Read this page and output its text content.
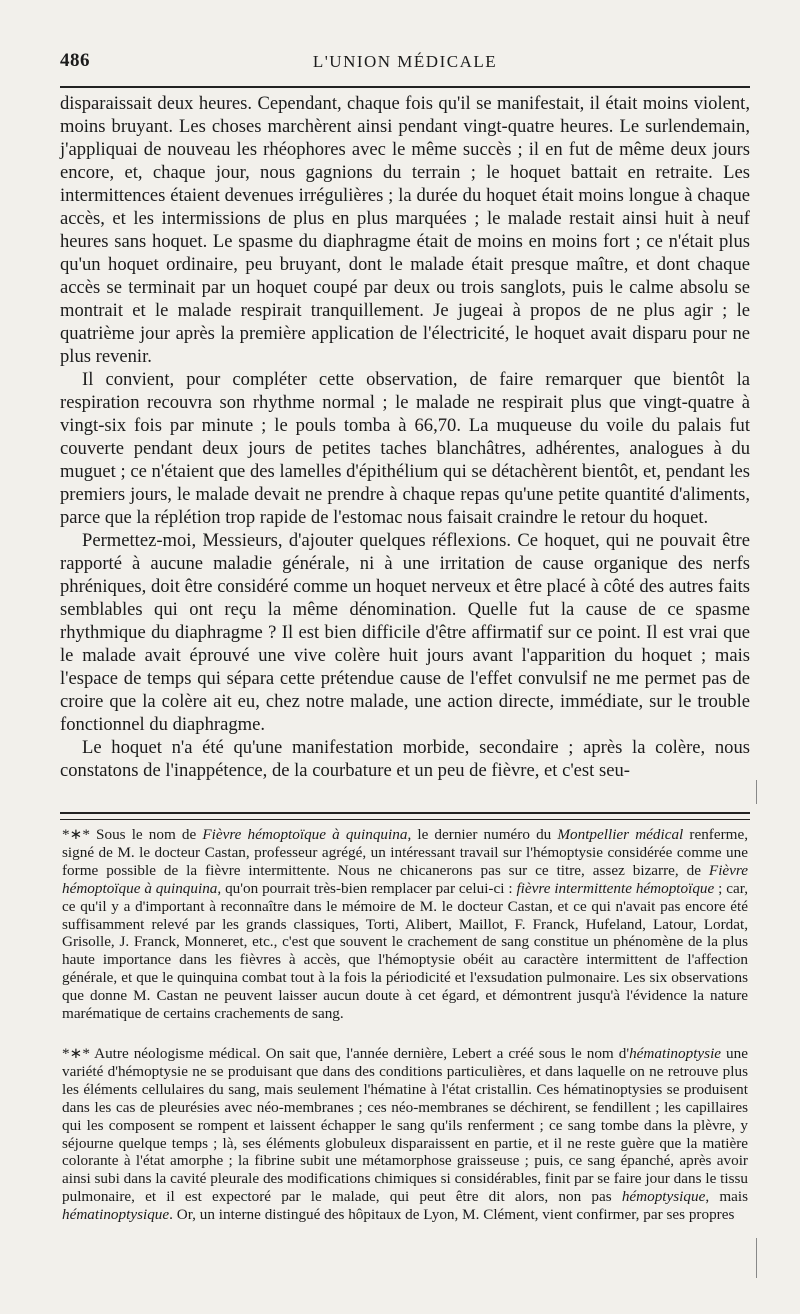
486	L'UNION MÉDICALE

disparaissait deux heures. Cependant, chaque fois qu'il se manifestait, il était moins violent, moins bruyant. Les choses marchèrent ainsi pendant vingt-quatre heures. Le surlendemain, j'appliquai de nouveau les rhéophores avec le même succès ; il en fut de même deux jours encore, et, chaque jour, nous gagnions du terrain ; le hoquet battait en retraite. Les intermittences étaient devenues irrégulières ; la durée du hoquet était moins longue à chaque accès, et les intermissions de plus en plus marquées ; le malade restait ainsi huit à neuf heures sans hoquet. Le spasme du diaphragme était de moins en moins fort ; ce n'était plus qu'un hoquet ordinaire, peu bruyant, dont le malade était presque maître, et dont chaque accès se terminait par un hoquet coupé par deux ou trois sanglots, puis le calme absolu se montrait et le malade respirait tranquillement. Je jugeai à propos de ne plus agir ; le quatrième jour après la première application de l'électricité, le hoquet avait disparu pour ne plus revenir.

Il convient, pour compléter cette observation, de faire remarquer que bientôt la respiration recouvra son rhythme normal ; le malade ne respirait plus que vingt-quatre à vingt-six fois par minute ; le pouls tomba à 66,70. La muqueuse du voile du palais fut couverte pendant deux jours de petites taches blanchâtres, adhérentes, analogues à du muguet ; ce n'étaient que des lamelles d'épithélium qui se détachèrent bientôt, et, pendant les premiers jours, le malade devait ne prendre à chaque repas qu'une petite quantité d'aliments, parce que la réplétion trop rapide de l'estomac nous faisait craindre le retour du hoquet.

Permettez-moi, Messieurs, d'ajouter quelques réflexions. Ce hoquet, qui ne pouvait être rapporté à aucune maladie générale, ni à une irritation de cause organique des nerfs phréniques, doit être considéré comme un hoquet nerveux et être placé à côté des autres faits semblables qui ont reçu la même dénomination. Quelle fut la cause de ce spasme rhythmique du diaphragme ? Il est bien difficile d'être affirmatif sur ce point. Il est vrai que le malade avait éprouvé une vive colère huit jours avant l'apparition du hoquet ; mais l'espace de temps qui sépara cette prétendue cause de l'effet convulsif ne me permet pas de croire que la colère ait eu, chez notre malade, une action directe, immédiate, sur le trouble fonctionnel du diaphragme.

Le hoquet n'a été qu'une manifestation morbide, secondaire ; après la colère, nous constatons de l'inappétence, de la courbature et un peu de fièvre, et c'est seu-

*∗* Sous le nom de Fièvre hémoptoïque à quinquina, le dernier numéro du Montpellier médical renferme, signé de M. le docteur Castan, professeur agrégé, un intéressant travail sur l'hémoptysie considérée comme une forme possible de la fièvre intermittente. Nous ne chicanerons pas sur ce titre, assez bizarre, de Fièvre hémoptoïque à quinquina, qu'on pourrait très-bien remplacer par celui-ci : fièvre intermittente hémoptoïque ; car, ce qu'il y a d'important à reconnaître dans le mémoire de M. le docteur Castan, et ce qui n'avait pas encore été suffisamment relevé par les grands classiques, Torti, Alibert, Maillot, F. Franck, Hufeland, Latour, Lordat, Grisolle, J. Franck, Monneret, etc., c'est que souvent le crachement de sang constitue un phénomène de la plus haute importance dans les fièvres à accès, que l'hémoptysie obéit au caractère intermittent de l'affection générale, et que le quinquina combat tout à la fois la périodicité et l'exsudation pulmonaire. Les six observations que donne M. Castan ne peuvent laisser aucun doute à cet égard, et démontrent jusqu'à l'évidence la nature marématique de certains crachements de sang.

*∗* Autre néologisme médical. On sait que, l'année dernière, Lebert a créé sous le nom d'hématinoptysie une variété d'hémoptysie ne se produisant que dans des conditions particulières, et dans laquelle on ne retrouve plus les éléments cellulaires du sang, mais seulement l'hématine à l'état cristallin. Ces hématinoptysies se produisent dans les cas de pleurésies avec néo-membranes ; ces néo-membranes se déchirent, se fendillent ; les capillaires qui les composent se rompent et laissent échapper le sang qu'ils renferment ; ce sang tombe dans la plèvre, y séjourne quelque temps ; là, ses éléments globuleux disparaissent en partie, et il ne reste guère que la matière colorante à l'état amorphe ; la fibrine subit une métamorphose graisseuse ; puis, ce sang épanché, après avoir ainsi subi dans la cavité pleurale des modifications chimiques si considérables, finit par se faire jour dans le tissu pulmonaire, et il est expectoré par le malade, qui peut être dit alors, non pas hémoptysique, mais hématinoptysique. Or, un interne distingué des hôpitaux de Lyon, M. Clément, vient confirmer, par ses propres
